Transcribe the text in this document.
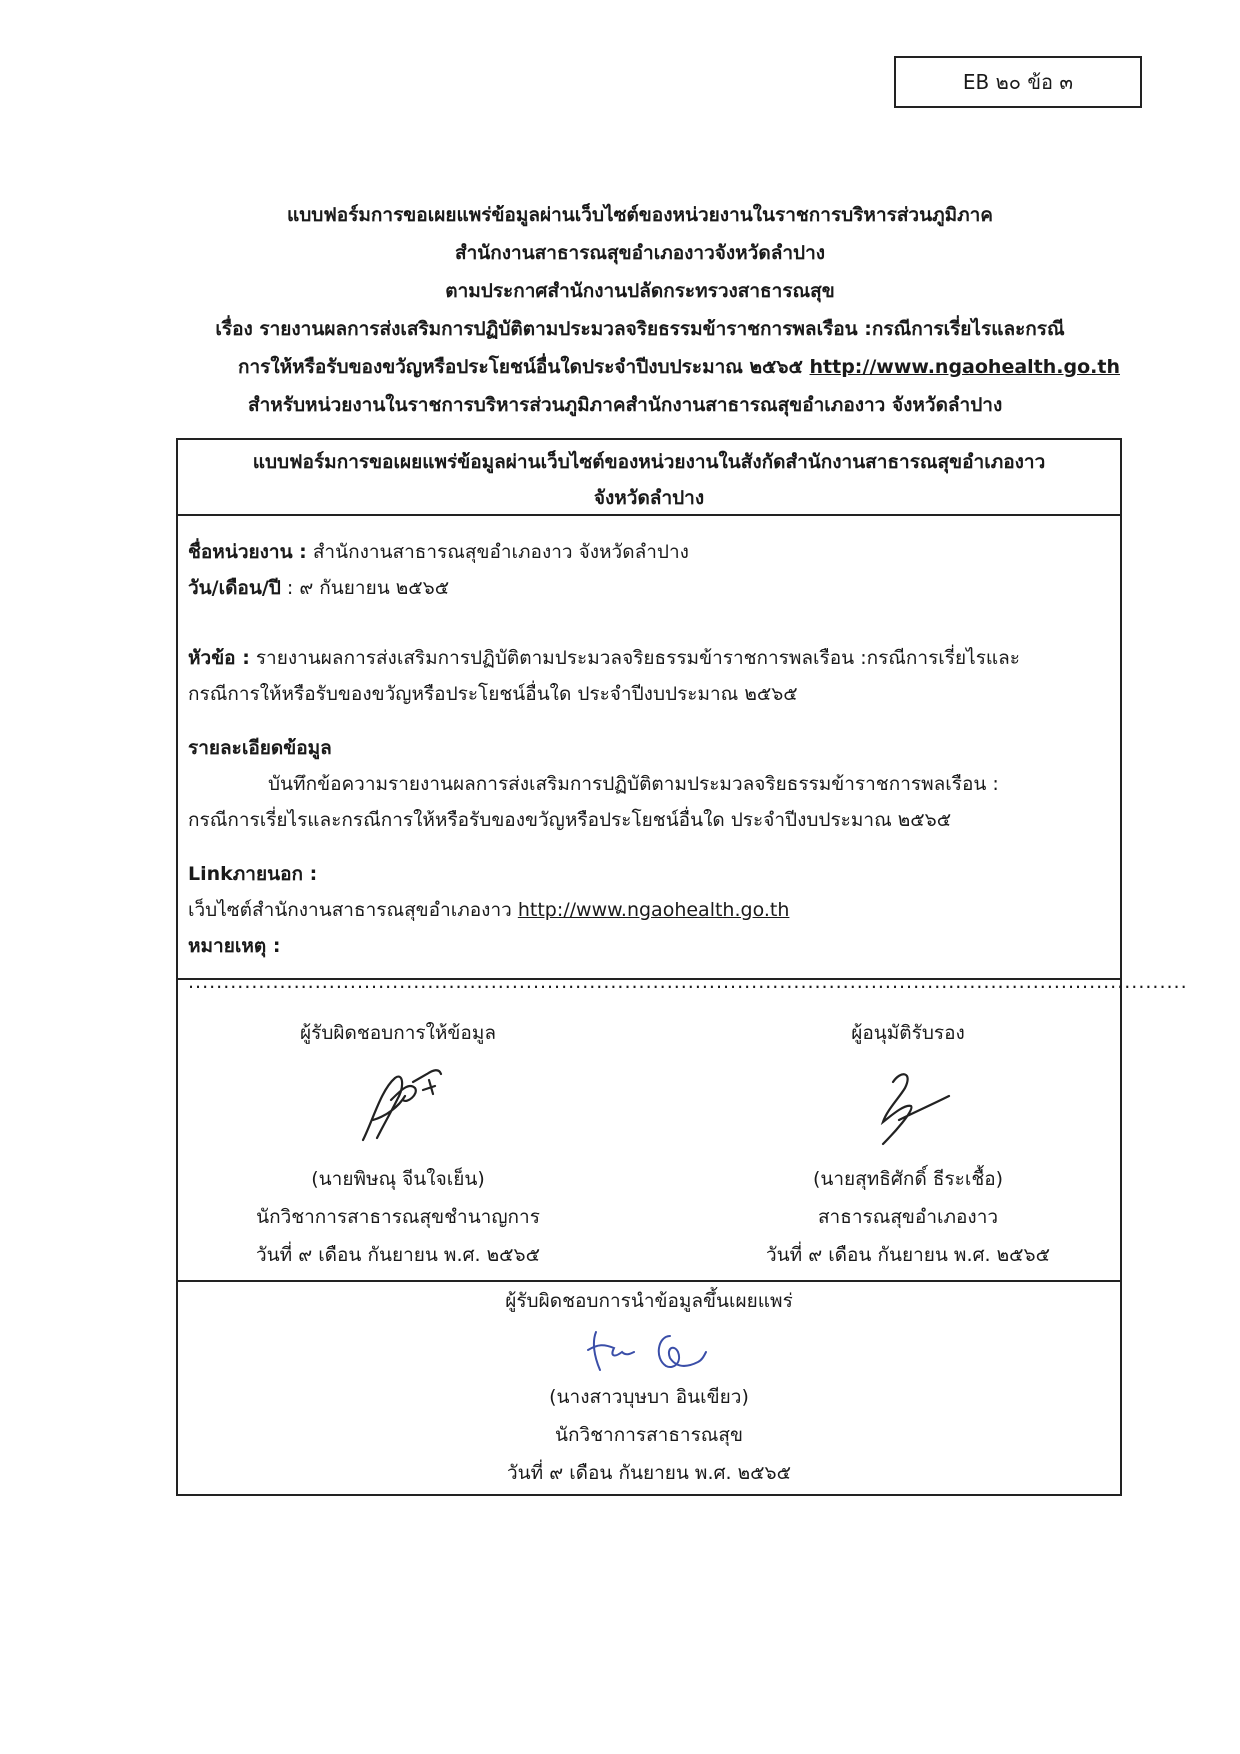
EB ๒๐ ข้อ ๓
แบบฟอร์มการขอเผยแพร่ข้อมูลผ่านเว็บไซต์ของหน่วยงานในราชการบริหารส่วนภูมิภาค
สำนักงานสาธารณสุขอำเภองาวจังหวัดลำปาง
ตามประกาศสำนักงานปลัดกระทรวงสาธารณสุข
เรื่อง รายงานผลการส่งเสริมการปฏิบัติตามประมวลจริยธรรมข้าราชการพลเรือน :กรณีการเรี่ยไรและกรณี
การให้หรือรับของขวัญหรือประโยชน์อื่นใดประจำปีงบประมาณ ๒๕๖๕ http://www.ngaohealth.go.th
สำหรับหน่วยงานในราชการบริหารส่วนภูมิภาคสำนักงานสาธารณสุขอำเภองาว จังหวัดลำปาง
แบบฟอร์มการขอเผยแพร่ข้อมูลผ่านเว็บไซต์ของหน่วยงานในสังกัดสำนักงานสาธารณสุขอำเภองาว
จังหวัดลำปาง
ชื่อหน่วยงาน : สำนักงานสาธารณสุขอำเภองาว จังหวัดลำปาง
วัน/เดือน/ปี : ๙ กันยายน ๒๕๖๕
หัวข้อ : รายงานผลการส่งเสริมการปฏิบัติตามประมวลจริยธรรมข้าราชการพลเรือน :กรณีการเรี่ยไรและ
กรณีการให้หรือรับของขวัญหรือประโยชน์อื่นใด ประจำปีงบประมาณ ๒๕๖๕
รายละเอียดข้อมูล
บันทึกข้อความรายงานผลการส่งเสริมการปฏิบัติตามประมวลจริยธรรมข้าราชการพลเรือน :
กรณีการเรี่ยไรและกรณีการให้หรือรับของขวัญหรือประโยชน์อื่นใด ประจำปีงบประมาณ ๒๕๖๕
Linkภายนอก :
เว็บไซต์สำนักงานสาธารณสุขอำเภองาว http://www.ngaohealth.go.th
หมายเหตุ : ..............................................................................................................................................
ผู้รับผิดชอบการให้ข้อมูล
(นายพิษณุ จีนใจเย็น)
นักวิชาการสาธารณสุขชำนาญการ
วันที่ ๙ เดือน กันยายน พ.ศ. ๒๕๖๕
ผู้อนุมัติรับรอง
(นายสุทธิศักดิ์ ธีระเชื้อ)
สาธารณสุขอำเภองาว
วันที่ ๙ เดือน กันยายน พ.ศ. ๒๕๖๕
ผู้รับผิดชอบการนำข้อมูลขึ้นเผยแพร่
(นางสาวบุษบา อินเขียว)
นักวิชาการสาธารณสุข
วันที่ ๙ เดือน กันยายน พ.ศ. ๒๕๖๕
